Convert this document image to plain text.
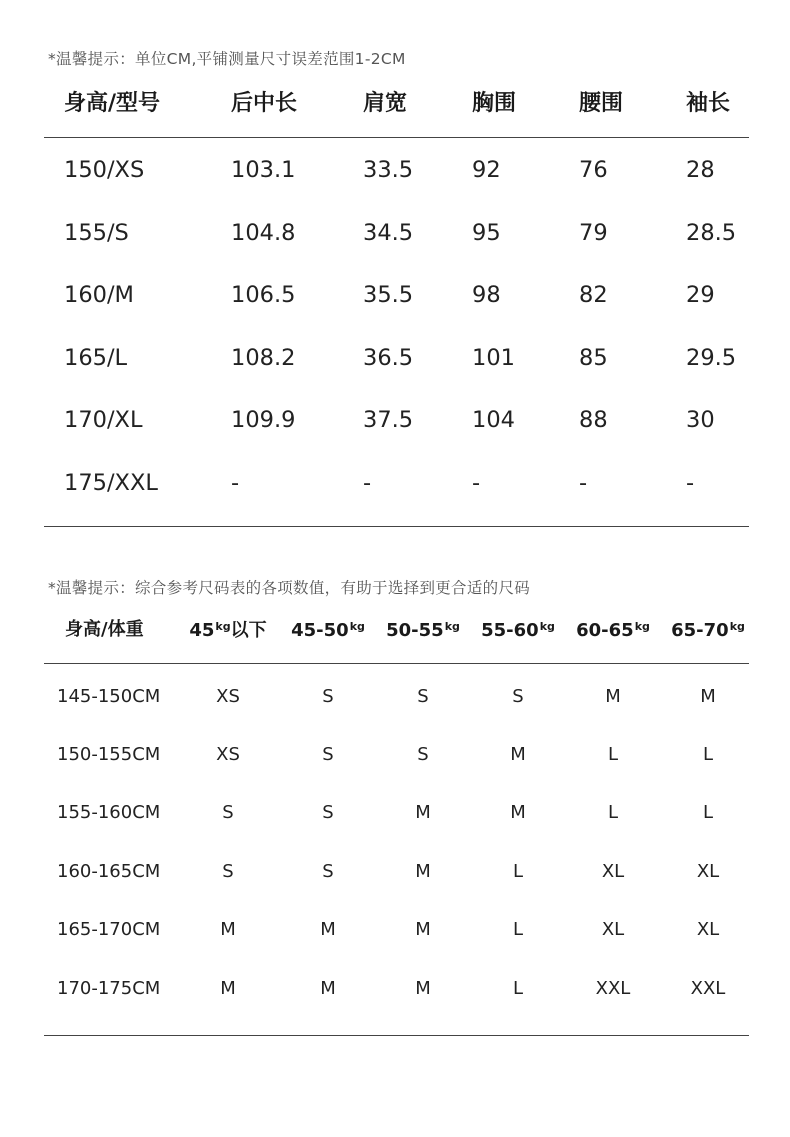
*温馨提示：单位CM,平铺测量尺寸误差范围1-2CM
身高/型号	后中长	肩宽	胸围	腰围	袖长
150/XS	103.1	33.5	92	76	28
155/S	104.8	34.5	95	79	28.5
160/M	106.5	35.5	98	82	29
165/L	108.2	36.5	101	85	29.5
170/XL	109.9	37.5	104	88	30
175/XXL	-	-	-	-	-
*温馨提示：综合参考尺码表的各项数值，有助于选择到更合适的尺码
身高/体重	$45^{kg}$以下 $45-50^{kg}$ $50-55^{kg}$ $55-60^{kg}$ $60-65^{kg}$ $65-70^{kg}$
145-150CM	XS	S	S	S	M	M
150-155CM	XS	S	S	M	L	L
155-160CM	S	S	M	M	L	L
160-165CM	S	S	M	L	XL	XL
165-170CM	M	M	M	L	XL	XL
170-175CM	M	M	M	L	XXL	XXL
